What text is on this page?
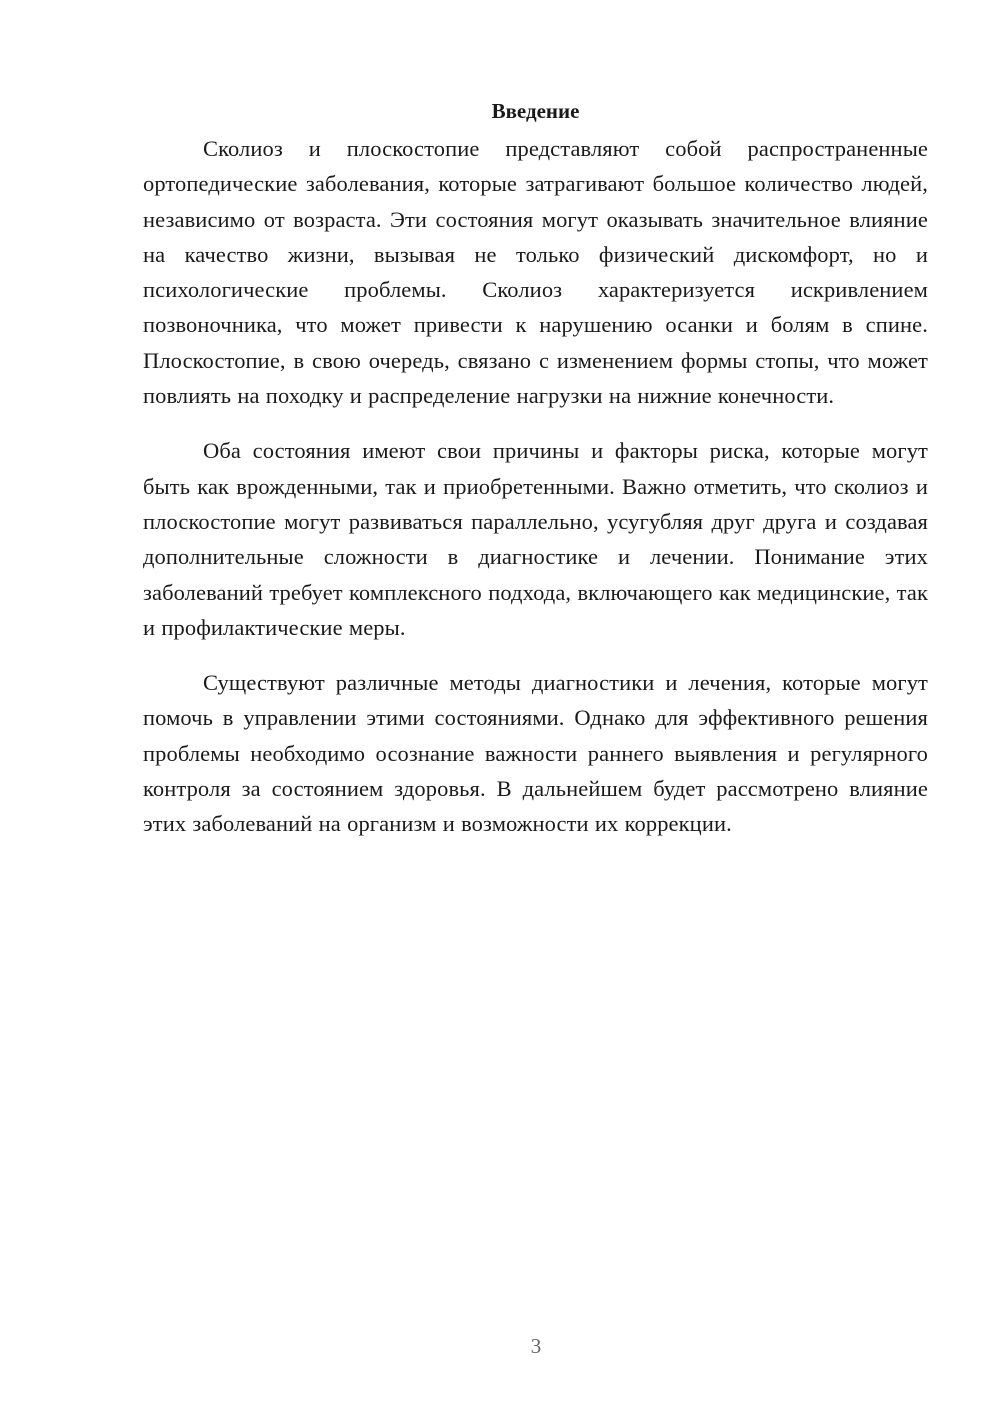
Введение

Сколиоз и плоскостопие представляют собой распространенные ортопедические заболевания, которые затрагивают большое количество людей, независимо от возраста. Эти состояния могут оказывать значительное влияние на качество жизни, вызывая не только физический дискомфорт, но и психологические проблемы. Сколиоз характеризуется искривлением позвоночника, что может привести к нарушению осанки и болям в спине. Плоскостопие, в свою очередь, связано с изменением формы стопы, что может повлиять на походку и распределение нагрузки на нижние конечности.

Оба состояния имеют свои причины и факторы риска, которые могут быть как врожденными, так и приобретенными. Важно отметить, что сколиоз и плоскостопие могут развиваться параллельно, усугубляя друг друга и создавая дополнительные сложности в диагностике и лечении. Понимание этих заболеваний требует комплексного подхода, включающего как медицинские, так и профилактические меры.

Существуют различные методы диагностики и лечения, которые могут помочь в управлении этими состояниями. Однако для эффективного решения проблемы необходимо осознание важности раннего выявления и регулярного контроля за состоянием здоровья. В дальнейшем будет рассмотрено влияние этих заболеваний на организм и возможности их коррекции.

3
